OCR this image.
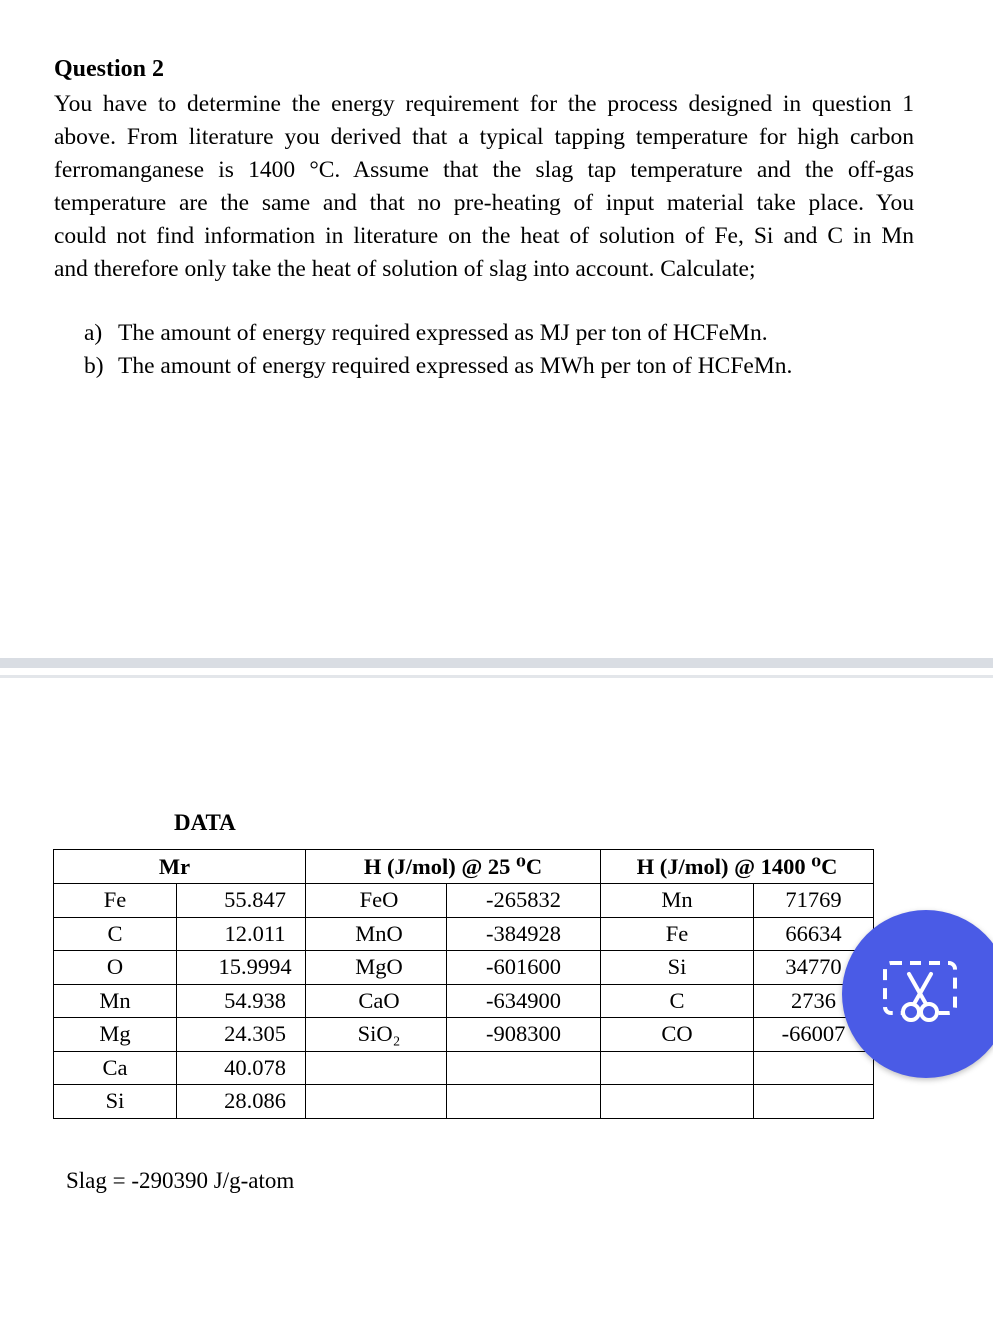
Question 2
You have to determine the energy requirement for the process designed in question 1
above. From literature you derived that a typical tapping temperature for high carbon
ferromanganese is 1400 °C. Assume that the slag tap temperature and the off-gas
temperature are the same and that no pre-heating of input material take place. You
could not find information in literature on the heat of solution of Fe, Si and C in Mn
and therefore only take the heat of solution of slag into account. Calculate;
a) The amount of energy required expressed as MJ per ton of HCFeMn.
b) The amount of energy required expressed as MWh per ton of HCFeMn.
DATA
Mr		H (J/mol) @ 25 ⁰C		H (J/mol) @ 1400 ⁰C	
Fe	55.847	FeO	-265832	Mn	71769
C	12.011	MnO	-384928	Fe	66634
O	15.9994	MgO	-601600	Si	34770
Mn	54.938	CaO	-634900	C	2736
Mg	24.305	SiO₂	-908300	CO	-66007
Ca	40.078				
Si	28.086				
Slag = -290390 J/g-atom
